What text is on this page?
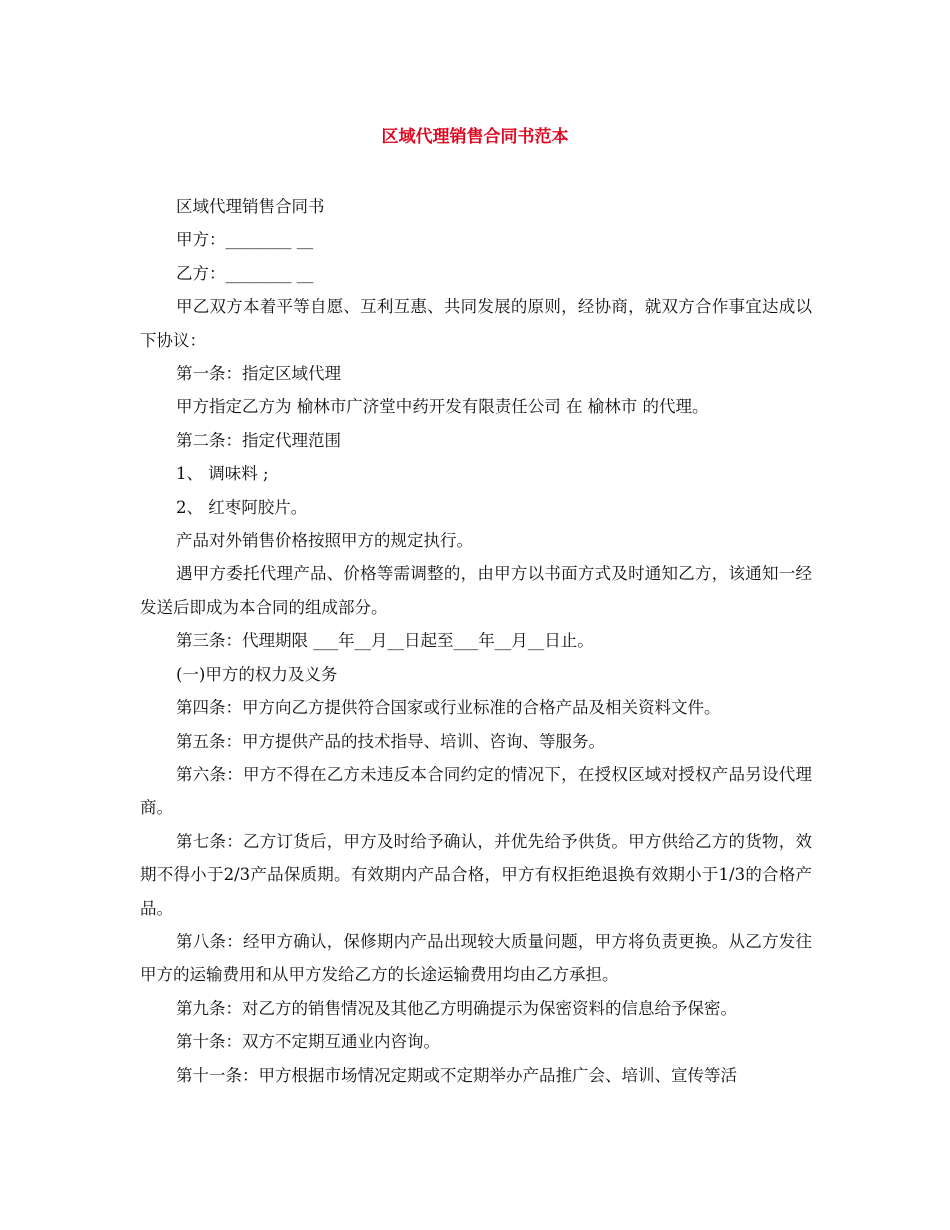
区域代理销售合同书范本

区域代理销售合同书

甲方：________ __

乙方：________ __

甲乙双方本着平等自愿、互利互惠、共同发展的原则，经协商，就双方合作事宜达成以下协议：

第一条：指定区域代理

甲方指定乙方为 榆林市广济堂中药开发有限责任公司 在 榆林市 的代理。

第二条：指定代理范围

1、 调味料 ;

2、 红枣阿胶片。

产品对外销售价格按照甲方的规定执行。

遇甲方委托代理产品、价格等需调整的，由甲方以书面方式及时通知乙方，该通知一经发送后即成为本合同的组成部分。

第三条：代理期限 ___年__月__日起至___年__月__日止。

(一)甲方的权力及义务

第四条：甲方向乙方提供符合国家或行业标准的合格产品及相关资料文件。

第五条：甲方提供产品的技术指导、培训、咨询、等服务。

第六条：甲方不得在乙方未违反本合同约定的情况下，在授权区域对授权产品另设代理商。

第七条：乙方订货后，甲方及时给予确认，并优先给予供货。甲方供给乙方的货物，效期不得小于2/3产品保质期。有效期内产品合格，甲方有权拒绝退换有效期小于1/3的合格产品。

第八条：经甲方确认，保修期内产品出现较大质量问题，甲方将负责更换。从乙方发往甲方的运输费用和从甲方发给乙方的长途运输费用均由乙方承担。

第九条：对乙方的销售情况及其他乙方明确提示为保密资料的信息给予保密。

第十条：双方不定期互通业内咨询。

第十一条：甲方根据市场情况定期或不定期举办产品推广会、培训、宣传等活
